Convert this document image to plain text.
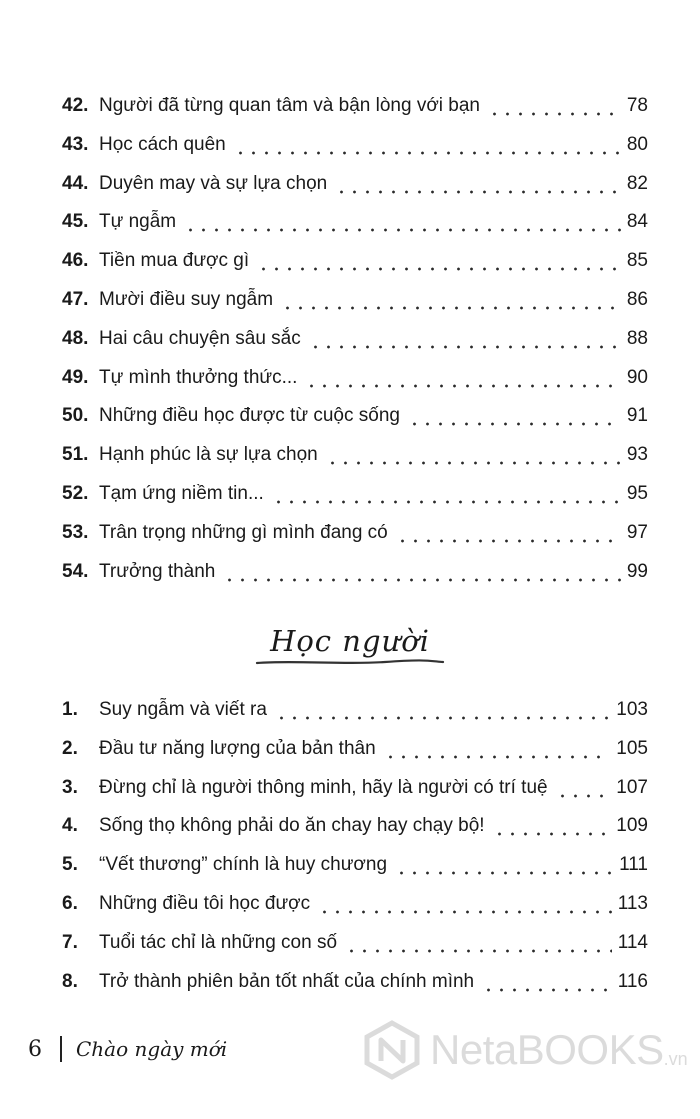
42. Người đã từng quan tâm và bận lòng với bạn	78
43. Học cách quên	80
44. Duyên may và sự lựa chọn	82
45. Tự ngẫm	84
46. Tiền mua được gì	85
47. Mười điều suy ngẫm	86
48. Hai câu chuyện sâu sắc	88
49. Tự mình thưởng thức...	90
50. Những điều học được từ cuộc sống	91
51. Hạnh phúc là sự lựa chọn	93
52. Tạm ứng niềm tin...	95
53. Trân trọng những gì mình đang có	97
54. Trưởng thành	99
1.	Suy ngẫm và viết ra	103
2.	Đầu tư năng lượng của bản thân	105
3.	Đừng chỉ là người thông minh, hãy là người có trí tuệ	107
4.	Sống thọ không phải do ăn chay hay chạy bộ!	109
5.	“Vết thương” chính là huy chương	111
6.	Những điều tôi học được	113
7.	Tuổi tác chỉ là những con số	114
8.	Trở thành phiên bản tốt nhất của chính mình	116
Học người
6 Chào ngày mới	NetaBOOKS .vn
